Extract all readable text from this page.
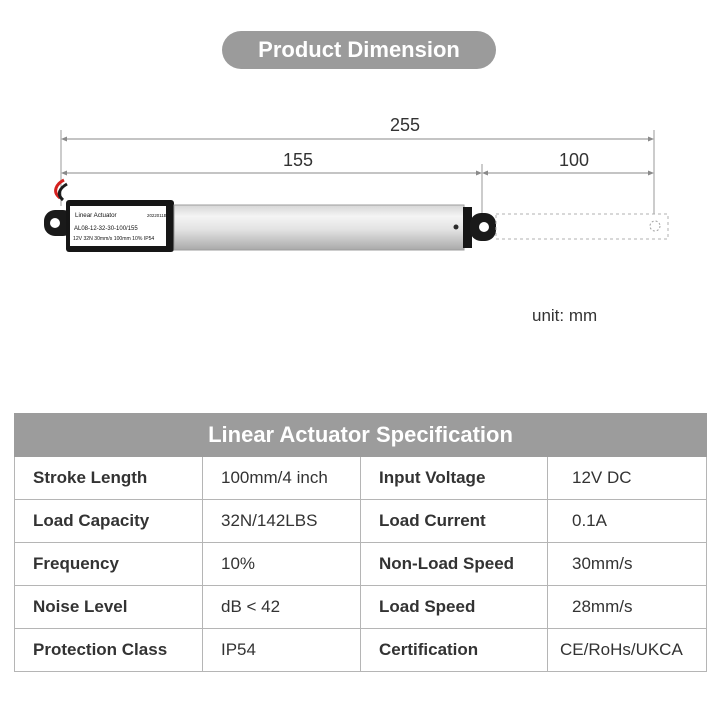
Product Dimension
255
155	100
Linear Actuator	2022011B
AL08-12-32-30-100/155
12V 32N 30mm/s 100mm 10% IP54
unit: mm
Linear Actuator Specification			
Stroke Length	100mm/4 inch	Input Voltage	12V DC
Load Capacity	32N/142LBS	Load Current	0.1A
Frequency	10%	Non-Load Speed	30mm/s
Noise Level	dB < 42	Load Speed	28mm/s
Protection Class	IP54	Certification	CE/RoHs/UKCA
